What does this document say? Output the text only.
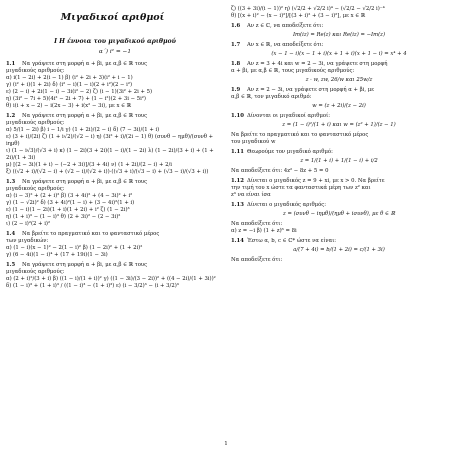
Μιγαδικοί αριθμοί
I Η έννοια του μιγαδικού αριθμού
α΄) i² = −1
1.1 Να γράψετε στη μορφή α + βi, με α,β ∈ ℝ τους
μιγαδικούς αριθμούς:
α) i(1 − 2i) + 2(i − 1) β) (i² + 2i + 3)(i² + i − 1)
γ) (i² + i)(1 + 2i) δ) (i² − i)(1 − i)(2 + i²)(2 − i²)
ε) (2 − i) + 2i(1 − i) − 3i(i² − 2) ζ) (i − 1)(3i² + 2i + 5)
η) (3i² − 7i + 5)(4i² − 2i + 7) + (1 − i²)(2 + 3i − 5i²)
θ) i(i + x − 2) − i(2x − 3) + i(x² − 3i), με x ∈ ℝ
1.2 Να γράψετε στη μορφή α + βi, με α,β ∈ ℝ τους
μιγαδικούς αριθμούς:
α) 5/(1 − 2i) β) i − 1/i γ) (1 + 2i)/(2 − i) δ) (7 − 3i)/(1 + i)
ε) (3 + i)/(2i) ζ) (1 + i√2)/(√2 − i) η) (3i² + i)/(2i − 1) θ) (συνθ − ημθ)/(συνθ + iημθ)
ι) (1 − i√3)/(√3 + i) κ) (1 − 2i)(3 + 2i)(1 − i)/(1 − 2i) λ) (1 − 2i)/(3 + i) + (1 + 2i)/(1 + 3i)
μ) [(2 − 3i)(1 + i) − (−2 + 3i)]/(3 + 4i) ν) (1 + 2i)/(2 − i) + 2/i
ξ) ((√2 + i)/(√2 − i) + (√2 − i)/(√2 + i))·((√3 + i)/(√3 − i) + (√3 − i)/(√3 + i))
1.3 Να γράψετε στη μορφή α + βi, με α,β ∈ ℝ τους
μιγαδικούς αριθμούς:
α) (i − 3)² + (2 + i)² β) (3 + 4i)² + (4 − 3i)² + i²
γ) (1 − √2i)² δ) (3 + 4i)²(1 − i) + (3 − 4i)²(1 + i)
ε) (1 − i)(1 − 2i)(1 + i)(1 + 2i) + i² ζ) (1 − 2i)³
η) (1 + i)³ − (1 − i)³ θ) (2 + 3i)² − (2 − 3i)²
ι) (2 − i)²(2 + i)²
1.4 Να βρείτε το πραγματικό και το φανταστικό μέρος
των μιγαδικών:
α) (1 − i)(x − 1)² − 2(1 − i)² β) (1 − 2i)² + (1 + 2i)²
γ) (6 − 4i)(1 − i)⁴ + (17 + 19i)(1 − 3i)
1.5 Να γράψετε στη μορφή α + βi, με α,β ∈ ℝ τους
μιγαδικούς αριθμούς:
α) (2 + i)²/(3 + i) β) ((1 − i)/(1 + i))² γ) ((1 − 3i)/(3 − 2i))² + ((4 − 2i)/(1 + 3i))²
δ) (1 − i)³ + (1 + i)³ / ((1 − i)³ − (1 + i)³) ε) (i − 3/2)³ − (i + 3/2)³
ζ) ((3 + 3i)/(i − 1))² η) (√2/2 + √2/2 i)⁴ − (√2/2 − √2/2 i)⁻⁴
θ) [(x + i)² − (x − i)²]/[(3 + i)² + (3 − i)²], με x ∈ ℝ
1.6 Αν z ∈ ℂ, να αποδείξετε ότι:
Im(iz) = Re(z) και Re(iz) = −Im(z)
1.7 Αν x ∈ ℝ, να αποδείξετε ότι:
(x − 1 − i)(x − 1 + i)(x + 1 + i)(x + 1 − i) = x⁴ + 4
1.8 Αν z = 3 + 4i και w = 2 − 3i, να γράψετε στη μορφή
α + βi, με α,β ∈ ℝ, τους μιγαδικούς αριθμούς:
z · w, zw, 26/w και 25w/z
1.9 Αν z = 2 − 3i, να γράψετε στη μορφή α + βi, με
α,β ∈ ℝ, τον μιγαδικό αριθμό:
w = (z + 2i)/(z − 2i)
1.10 Δίνονται οι μιγαδικοί αριθμοί:
z = (1 − i)²/(1 + i) και w = (z² + 1)/(z − 1)
Να βρείτε το πραγματικό και το φανταστικό μέρος
του μιγαδικού w
1.11 Θεωρούμε τον μιγαδικό αριθμό:
z = 1/(1 + i) + 1/(1 − i) + i/2
Να αποδείξετε ότι: 4z² − 8z + 5 = 0
1.12 Δίνεται ο μιγαδικός z = 9 + xi, με x > 0. Να βρείτε
την τιμή του x ώστε τα φανταστικά μέρη των z² και
z³ να είναι ίσα
1.13 Δίνεται ο μιγαδικός αριθμός:
z = (συνθ − iημθ)/(ημθ + iσυνθ), με θ ∈ ℝ
Να αποδείξετε ότι:
α) z = −i β) (1 + z)⁶ = 8i
1.14 Έστω α, b, c ∈ ℂ* ώστε να είναι:
a/(7 + 4i) = b/(1 + 2i) = c/(1 + 3i)
Να αποδείξετε ότι:
1
